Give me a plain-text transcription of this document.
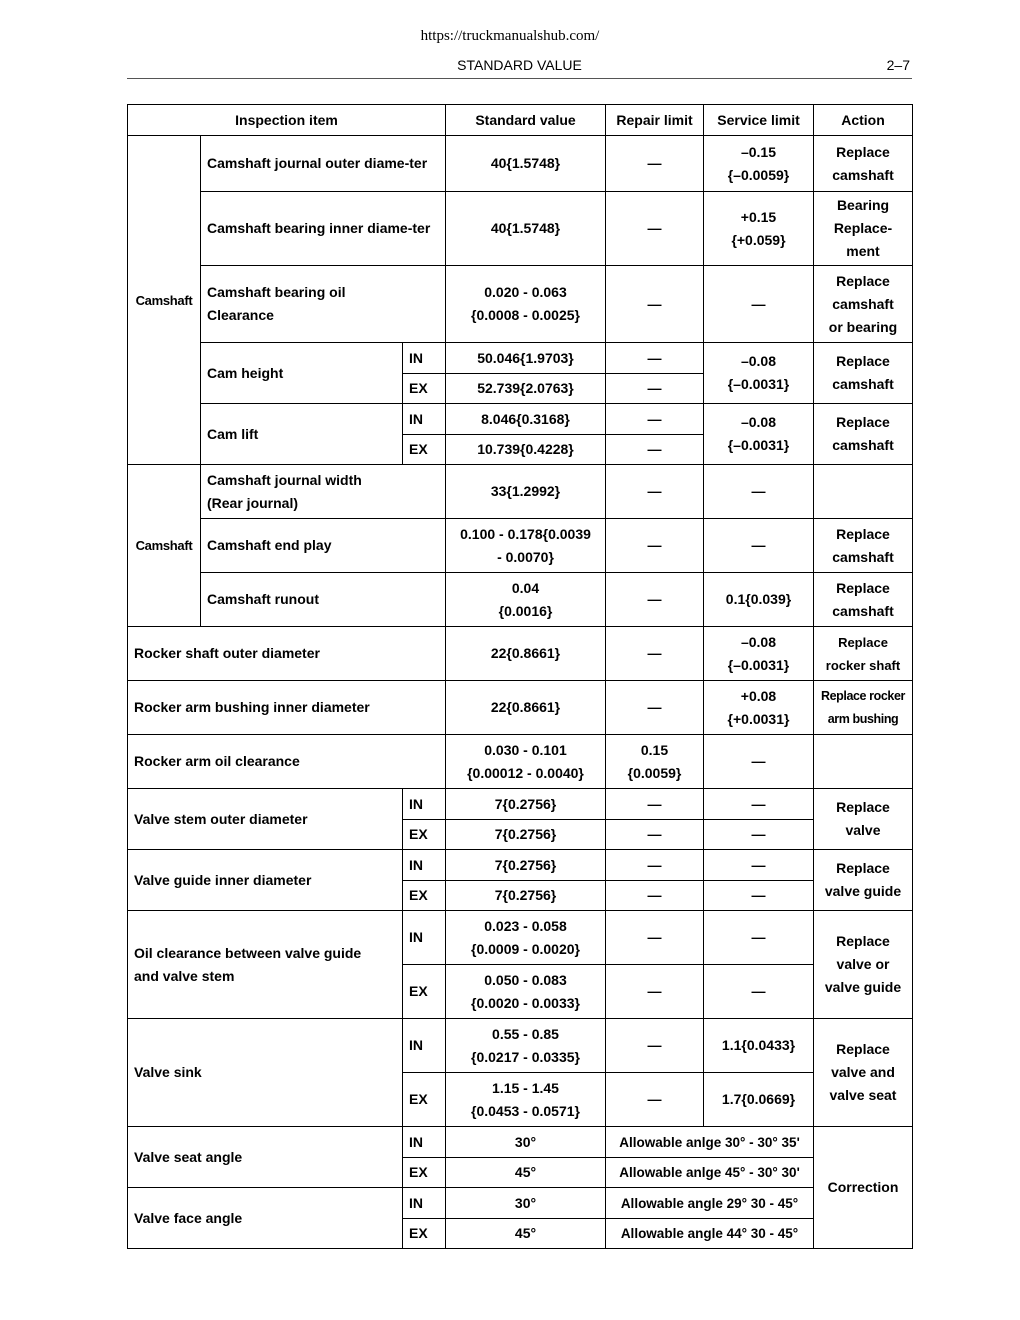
https://truckmanualshub.com/
STANDARD VALUE	2–7
Inspection item			Standard value	Repair limit	Service limit	Action
Camshaft	Camshaft journal outer diame-ter		40{1.5748}	—	–0.15
{–0.0059}	Replace
camshaft
	Camshaft bearing inner diame-ter		40{1.5748}	—	+0.15
{+0.059}	Bearing
Replace-
ment
	Camshaft bearing oil
Clearance		0.020 - 0.063
{0.0008 - 0.0025}	—	—	Replace
camshaft
or bearing
	Cam height	IN	50.046{1.9703}	—	–0.08
{–0.0031}	Replace
camshaft
		EX	52.739{2.0763}	—		
	Cam lift	IN	8.046{0.3168}	—	–0.08
{–0.0031}	Replace
camshaft
		EX	10.739{0.4228}	—		
Camshaft	Camshaft journal width
(Rear journal)		33{1.2992}	—	—	
	Camshaft end play		0.100 - 0.178{0.0039
- 0.0070}	—	—	Replace
camshaft
	Camshaft runout		0.04
{0.0016}	—	0.1{0.039}	Replace
camshaft
Rocker shaft outer diameter			22{0.8661}	—	–0.08
{–0.0031}	Replace
rocker shaft
Rocker arm bushing inner diameter			22{0.8661}	—	+0.08
{+0.0031}	Replace rocker
arm bushing
Rocker arm oil clearance			0.030 - 0.101
{0.00012 - 0.0040}	0.15
{0.0059}	—	
Valve stem outer diameter		IN	7{0.2756}	—	—	Replace
valve
		EX	7{0.2756}	—	—	
Valve guide inner diameter		IN	7{0.2756}	—	—	Replace
valve guide
		EX	7{0.2756}	—	—	
Oil clearance between valve guide
and valve stem		IN	0.023 - 0.058
{0.0009 - 0.0020}	—	—	Replace
valve or
valve guide
		EX	0.050 - 0.083
{0.0020 - 0.0033}	—	—	
Valve sink		IN	0.55 - 0.85
{0.0217 - 0.0335}	—	1.1{0.0433}	Replace
valve and
valve seat
		EX	1.15 - 1.45
{0.0453 - 0.0571}	—	1.7{0.0669}	
Valve seat angle		IN	30°	Allowable anlge 30° - 30° 35'		Correction
		EX	45°	Allowable anlge 45° - 30° 30'		
Valve face angle		IN	30°	Allowable angle 29° 30 - 45°		
		EX	45°	Allowable angle 44° 30 - 45°		
